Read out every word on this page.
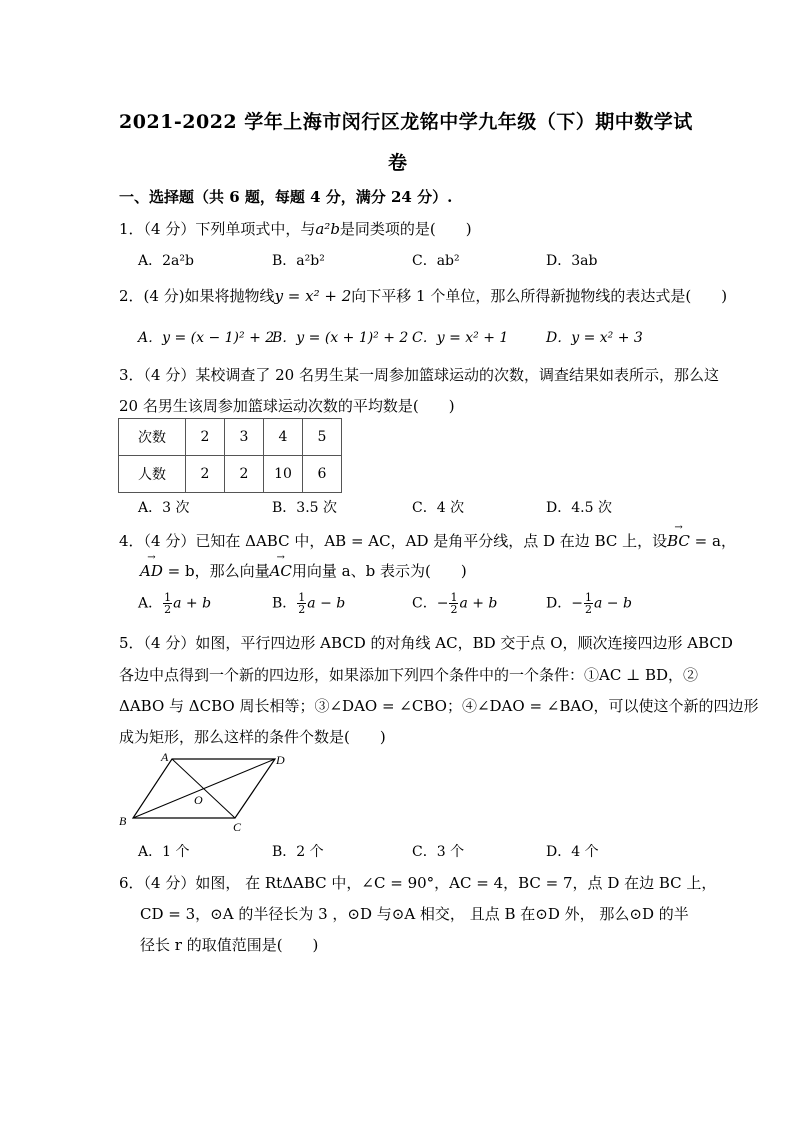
2021-2022 学年上海市闵行区龙铭中学九年级（下）期中数学试
卷
一、选择题（共 6 题，每题 4 分，满分 24 分）.
1．（4 分）下列单项式中，与a²b是同类项的是(　　)
A．2a²b	B．a²b²	C．ab²	D．3ab
2．(4 分)如果将抛物线y = x² + 2向下平移 1 个单位，那么所得新抛物线的表达式是(　　)
A．y = (x − 1)² + 2
B．y = (x + 1)² + 2 C．y = x² + 1	D．y = x² + 3
3．（4 分）某校调查了 20 名男生某一周参加篮球运动的次数，调查结果如表所示，那么这
20 名男生该周参加篮球运动次数的平均数是(　　)
次数	2	3	4	5
人数	2	2	10	6
A．3 次	B．3.5 次	C．4 次	D．4.5 次
4．（4 分）已知在 ΔABC 中，AB = AC，AD 是角平分线，点 D 在边 BC 上，设→ BC = a，
→ AD = b，那么向量→ AC用向量 a、b 表示为(　　)
A． $\frac{1}{2}$ a + b	B． $\frac{1}{2}$ a − b	C．− $\frac{1}{2}$ a + b	D．− $\frac{1}{2}$ a − b
5．（4 分）如图，平行四边形 ABCD 的对角线 AC，BD 交于点 O，顺次连接四边形 ABCD
各边中点得到一个新的四边形，如果添加下列四个条件中的一个条件：①AC ⊥ BD，②
ΔABO 与 ΔCBO 周长相等；③∠DAO = ∠CBO；④∠DAO = ∠BAO，可以使这个新的四边形
成为矩形，那么这样的条件个数是(　　)
A	D
B	C
O
A．1 个	B．2 个	C．3 个	D．4 个
6．（4 分）如图， 在 RtΔABC 中，∠C = 90°，AC = 4，BC = 7，点 D 在边 BC 上，
CD = 3，⊙A 的半径长为 3 ，⊙D 与⊙A 相交， 且点 B 在⊙D 外， 那么⊙D 的半
径长 r 的取值范围是(　　)
